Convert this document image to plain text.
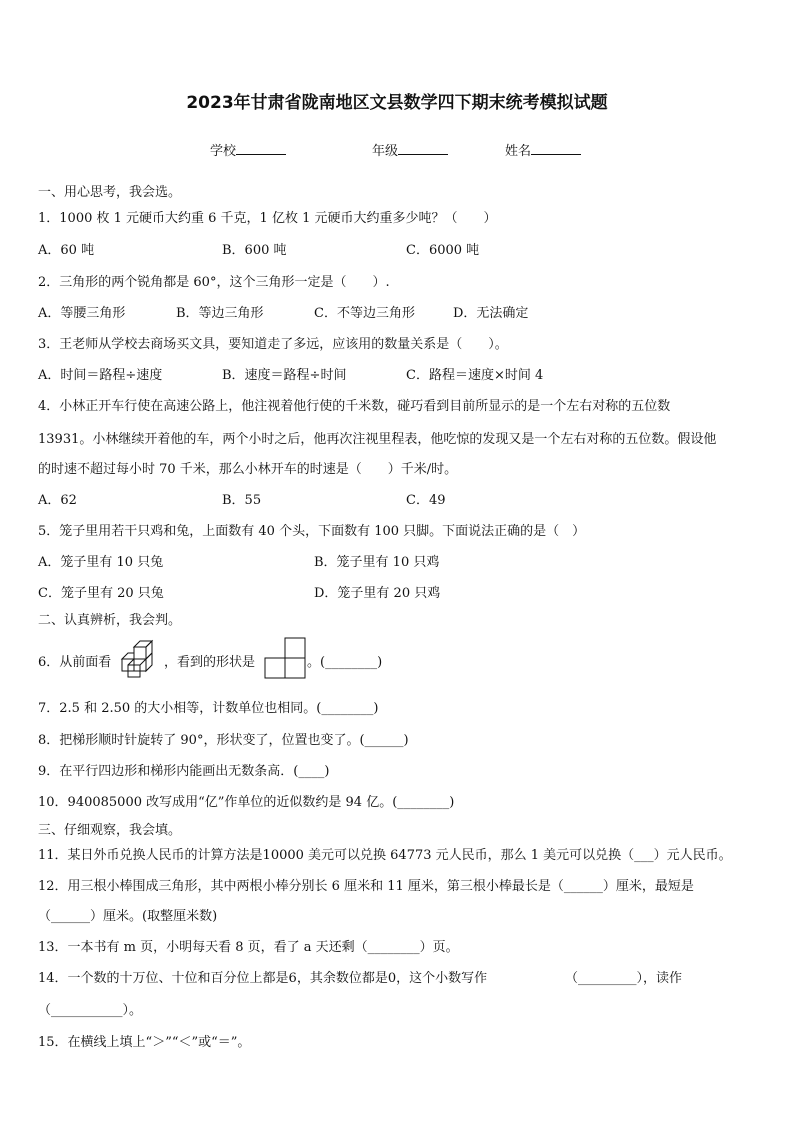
2023年甘肃省陇南地区文县数学四下期末统考模拟试题
学校	年级	姓名
一、用心思考，我会选。
1．1000 枚 1 元硬币大约重 6 千克，1 亿枚 1 元硬币大约重多少吨？（　　）
A．60 吨	B．600 吨	C．6000 吨
2．三角形的两个锐角都是 60°，这个三角形一定是（　　）.
A．等腰三角形	B．等边三角形	C．不等边三角形	D．无法确定
3．王老师从学校去商场买文具，要知道走了多远，应该用的数量关系是（　　）。
A．时间＝路程÷速度	B．速度＝路程÷时间	C．路程＝速度×时间 4
4．小林正开车行使在高速公路上，他注视着他行使的千米数，碰巧看到目前所显示的是一个左右对称的五位数
13931。小林继续开着他的车，两个小时之后，他再次注视里程表，他吃惊的发现又是一个左右对称的五位数。假设他
的时速不超过每小时 70 千米，那么小林开车的时速是（　　）千米/时。
A．62	B．55	C．49
5．笼子里用若干只鸡和兔，上面数有 40 个头，下面数有 100 只脚。下面说法正确的是（　）
A．笼子里有 10 只兔	B．笼子里有 10 只鸡
C．笼子里有 20 只兔	D．笼子里有 20 只鸡
二、认真辨析，我会判。
6．从前面看	，看到的形状是	。(________)
7．2.5 和 2.50 的大小相等，计数单位也相同。(________)
8．把梯形顺时针旋转了 90°，形状变了，位置也变了。(______)
9．在平行四边形和梯形内能画出无数条高．(____)
10．940085000 改写成用“亿”作单位的近似数约是 94 亿。(________)
三、仔细观察，我会填。
11．某日外币兑换人民币的计算方法是10000 美元可以兑换 64773 元人民币，那么 1 美元可以兑换（___）元人民币。
12．用三根小棒围成三角形，其中两根小棒分别长 6 厘米和 11 厘米，第三根小棒最长是（______）厘米，最短是
（______）厘米。(取整厘米数)
13．一本书有 m 页，小明每天看 8 页，看了 a 天还剩（________）页。
14．一个数的十万位、十位和百分位上都是6，其余数位都是0，这个小数写作	（_________），读作
（___________）。
15．在横线上填上“＞”“＜”或“＝”。
